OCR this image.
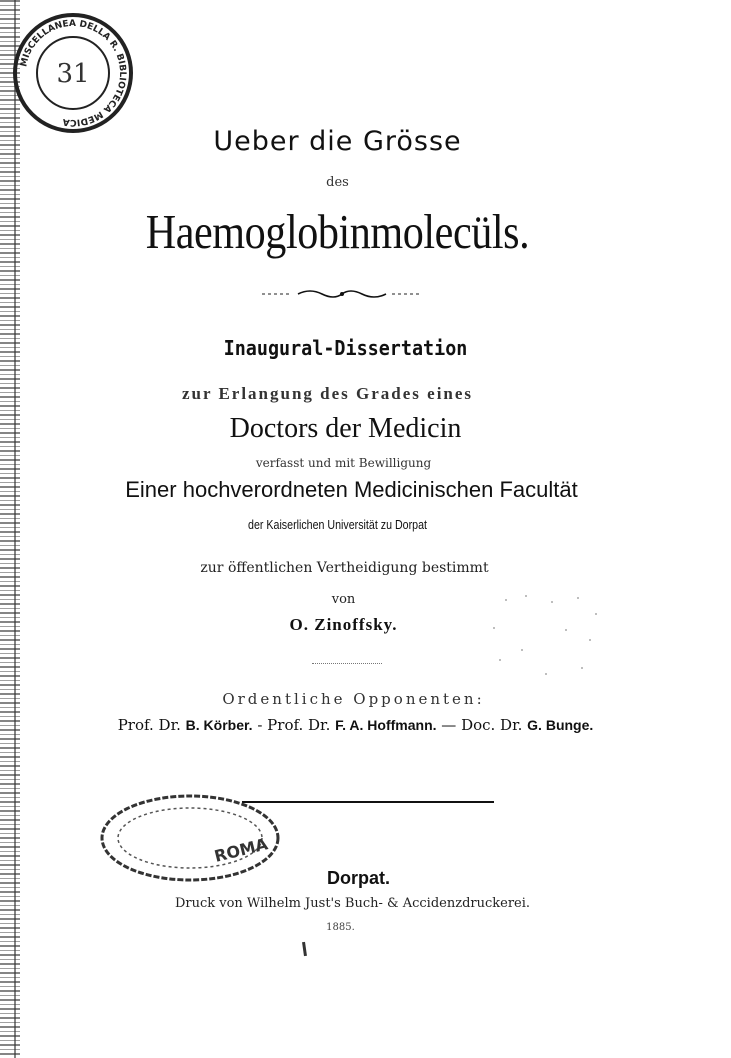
MISCELLANEA DELLA R. BIBLIOTECA MEDICA
31
Ueber die Grösse
des
Haemoglobinmolecüls.
Inaugural-Dissertation
zur Erlangung des Grades eines
Doctors der Medicin
verfasst und mit Bewilligung
Einer hochverordneten Medicinischen Facultät
der Kaiserlichen Universität zu Dorpat
zur öffentlichen Vertheidigung bestimmt
von
O. Zinoffsky.
Ordentliche Opponenten:
Prof. Dr. B. Körber. - Prof. Dr. F. A. Hoffmann. — Doc. Dr. G. Bunge.
ROMA
Dorpat.
Druck von Wilhelm Just's Buch- & Accidenzdruckerei.
1885.
